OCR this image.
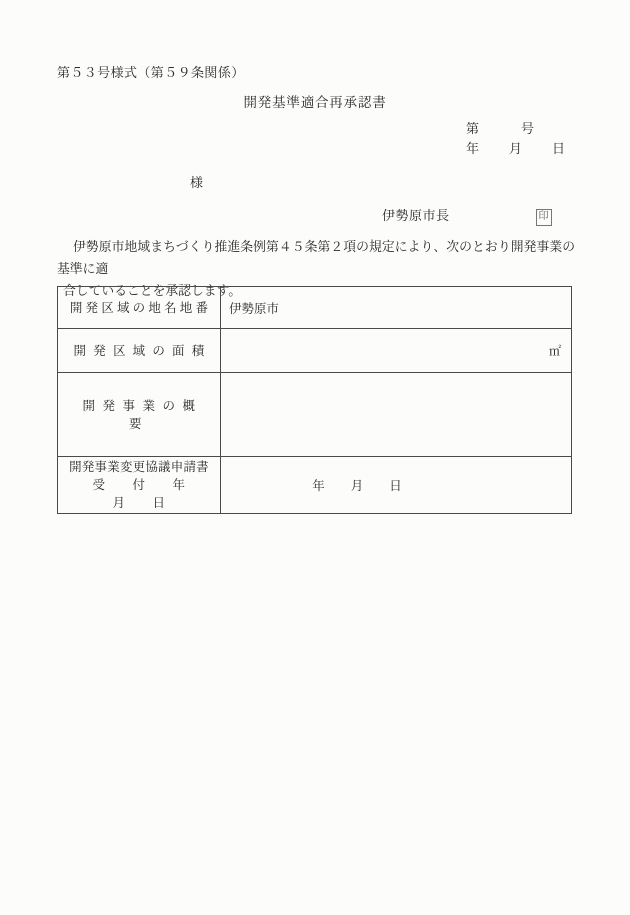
第５３号様式（第５９条関係）
開発基準適合再承認書
第	号
年 月 日
様
伊勢原市長	印
伊勢原市地域まちづくり推進条例第４５条第２項の規定により、次のとおり開発事業の基準に適
合していることを承認します。
開発区域の地名地番	伊勢原市
開発区域の面積	㎡

開発事業の概要	

開発事業変更協議申請書
受　付　年　月　日	年 月 日
